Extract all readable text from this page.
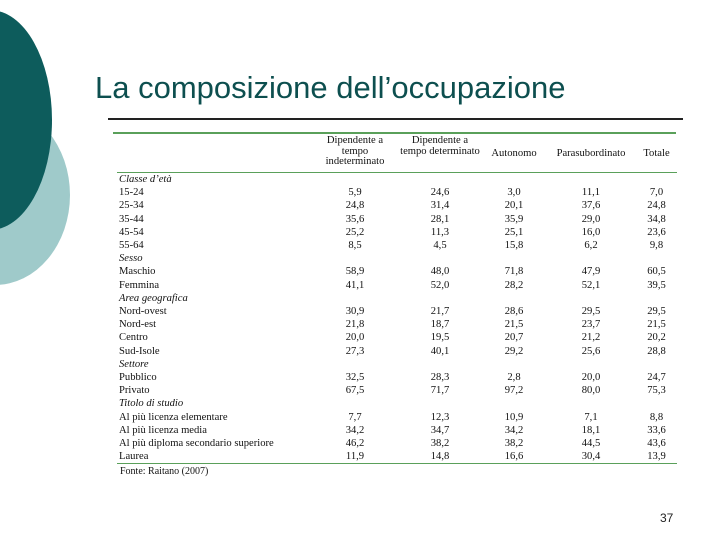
La composizione dell’occupazione
	Dipendente a tempo indeterminato	Dipendente a tempo determinato	Autonomo	Parasubordinato	Totale

Classe d’età					
15-24	5,9	24,6	3,0	11,1	7,0
25-34	24,8	31,4	20,1	37,6	24,8
35-44	35,6	28,1	35,9	29,0	34,8
45-54	25,2	11,3	25,1	16,0	23,6
55-64	8,5	4,5	15,8	6,2	9,8
Sesso					
Maschio	58,9	48,0	71,8	47,9	60,5
Femmina	41,1	52,0	28,2	52,1	39,5
Area geografica					
Nord-ovest	30,9	21,7	28,6	29,5	29,5
Nord-est	21,8	18,7	21,5	23,7	21,5
Centro	20,0	19,5	20,7	21,2	20,2
Sud-Isole	27,3	40,1	29,2	25,6	28,8
Settore					
Pubblico	32,5	28,3	2,8	20,0	24,7
Privato	67,5	71,7	97,2	80,0	75,3
Titolo di studio					
Al più licenza elementare	7,7	12,3	10,9	7,1	8,8
Al più licenza media	34,2	34,7	34,2	18,1	33,6
Al più diploma secondario superiore	46,2	38,2	38,2	44,5	43,6
Laurea	11,9	14,8	16,6	30,4	13,9
Fonte: Raitano (2007)
37
